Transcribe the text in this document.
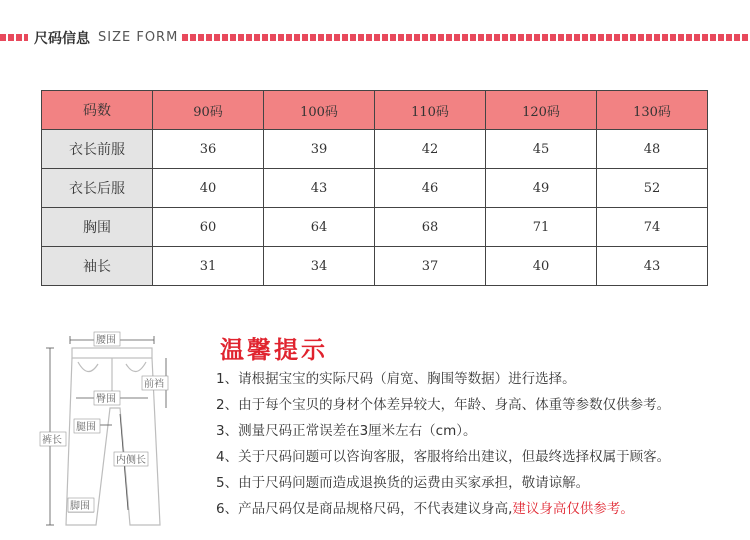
尺码信息 SIZE FORM
码数	90码	100码	110码	120码	130码
衣长前服	36	39	42	45	48
衣长后服	40	43	46	49	52
胸围	60	64	68	71	74
袖长	31	34	37	40	43
腰围
前裆
臀围
裤长
腿围
内侧长
脚围
温馨提示
1、请根据宝宝的实际尺码（肩宽、胸围等数据）进行选择。
2、由于每个宝贝的身材个体差异较大，年龄、身高、体重等参数仅供参考。
3、测量尺码正常误差在3厘米左右（cm）。
4、关于尺码问题可以咨询客服，客服将给出建议，但最终选择权属于顾客。
5、由于尺码问题而造成退换货的运费由买家承担，敬请谅解。
6、产品尺码仅是商品规格尺码，不代表建议身高,建议身高仅供参考。
